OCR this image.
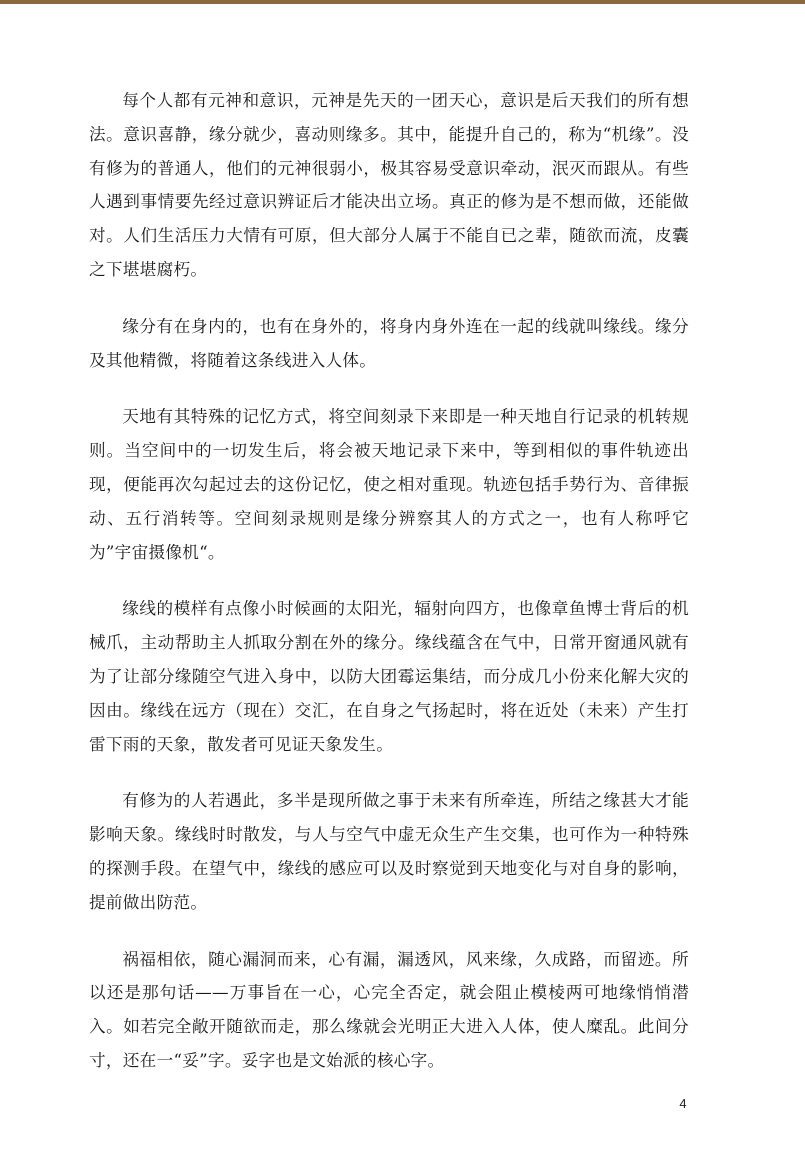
每个人都有元神和意识，元神是先天的一团天心，意识是后天我们的所有想法。意识喜静，缘分就少，喜动则缘多。其中，能提升自己的，称为“机缘”。没有修为的普通人，他们的元神很弱小，极其容易受意识牵动，泯灭而跟从。有些人遇到事情要先经过意识辨证后才能决出立场。真正的修为是不想而做，还能做对。人们生活压力大情有可原，但大部分人属于不能自已之辈，随欲而流，皮囊之下堪堪腐朽。

缘分有在身内的，也有在身外的，将身内身外连在一起的线就叫缘线。缘分及其他精微，将随着这条线进入人体。

天地有其特殊的记忆方式，将空间刻录下来即是一种天地自行记录的机转规则。当空间中的一切发生后，将会被天地记录下来中，等到相似的事件轨迹出现，便能再次勾起过去的这份记忆，使之相对重现。轨迹包括手势行为、音律振动、五行消转等。空间刻录规则是缘分辨察其人的方式之一，也有人称呼它为”宇宙摄像机“。

缘线的模样有点像小时候画的太阳光，辐射向四方，也像章鱼博士背后的机械爪，主动帮助主人抓取分割在外的缘分。缘线蕴含在气中，日常开窗通风就有为了让部分缘随空气进入身中，以防大团霉运集结，而分成几小份来化解大灾的因由。缘线在远方（现在）交汇，在自身之气扬起时，将在近处（未来）产生打雷下雨的天象，散发者可见证天象发生。

有修为的人若遇此，多半是现所做之事于未来有所牵连，所结之缘甚大才能影响天象。缘线时时散发，与人与空气中虚无众生产生交集，也可作为一种特殊的探测手段。在望气中，缘线的感应可以及时察觉到天地变化与对自身的影响，提前做出防范。

祸福相依，随心漏洞而来，心有漏，漏透风，风来缘，久成路，而留迹。所以还是那句话——万事旨在一心，心完全否定，就会阻止模棱两可地缘悄悄潜入。如若完全敞开随欲而走，那么缘就会光明正大进入人体，使人糜乱。此间分寸，还在一“妥”字。妥字也是文始派的核心字。

4
